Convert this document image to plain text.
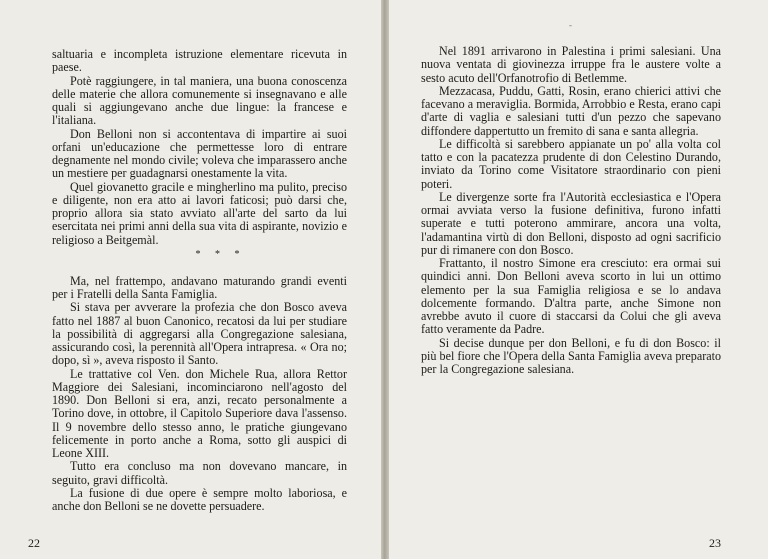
saltuaria e incompleta istruzione elementare ricevuta in paese.

Potè raggiungere, in tal maniera, una buona conoscenza delle materie che allora comunemente si insegnavano e alle quali si aggiungevano anche due lingue: la francese e l'italiana.

Don Belloni non si accontentava di impartire ai suoi orfani un'educazione che permettesse loro di entrare degnamente nel mondo civile; voleva che imparassero anche un mestiere per guadagnarsi onestamente la vita.

Quel giovanetto gracile e mingherlino ma pulito, preciso e diligente, non era atto ai lavori faticosi; può darsi che, proprio allora sia stato avviato all'arte del sarto da lui esercitata nei primi anni della sua vita di aspirante, novizio e religioso a Beitgemàl.

* * *

Ma, nel frattempo, andavano maturando grandi eventi per i Fratelli della Santa Famiglia.

Si stava per avverare la profezia che don Bosco aveva fatto nel 1887 al buon Canonico, recatosi da lui per studiare la possibilità di aggregarsi alla Congregazione salesiana, assicurando così, la perennità all'Opera intrapresa. « Ora no; dopo, sì », aveva risposto il Santo.

Le trattative col Ven. don Michele Rua, allora Rettor Maggiore dei Salesiani, incominciarono nell'agosto del 1890. Don Belloni si era, anzi, recato personalmente a Torino dove, in ottobre, il Capitolo Superiore dava l'assenso. Il 9 novembre dello stesso anno, le pratiche giungevano felicemente in porto anche a Roma, sotto gli auspici di Leone XIII.

Tutto era concluso ma non dovevano mancare, in seguito, gravi difficoltà.

La fusione di due opere è sempre molto laboriosa, e anche don Belloni se ne dovette persuadere.

22
-

Nel 1891 arrivarono in Palestina i primi salesiani. Una nuova ventata di giovinezza irruppe fra le austere volte a sesto acuto dell'Orfanotrofio di Betlemme.

Mezzacasa, Puddu, Gatti, Rosin, erano chierici attivi che facevano a meraviglia. Bormida, Arrobbio e Resta, erano capi d'arte di vaglia e salesiani tutti d'un pezzo che sapevano diffondere dappertutto un fremito di sana e santa allegria.

Le difficoltà si sarebbero appianate un po' alla volta col tatto e con la pacatezza prudente di don Celestino Durando, inviato da Torino come Visitatore straordinario con pieni poteri.

Le divergenze sorte fra l'Autorità ecclesiastica e l'Opera ormai avviata verso la fusione definitiva, furono infatti superate e tutti poterono ammirare, ancora una volta, l'adamantina virtù di don Belloni, disposto ad ogni sacrificio pur di rimanere con don Bosco.

Frattanto, il nostro Simone era cresciuto: era ormai sui quindici anni. Don Belloni aveva scorto in lui un ottimo elemento per la sua Famiglia religiosa e se lo andava dolcemente formando. D'altra parte, anche Simone non avrebbe avuto il cuore di staccarsi da Colui che gli aveva fatto veramente da Padre.

Si decise dunque per don Belloni, e fu di don Bosco: il più bel fiore che l'Opera della Santa Famiglia aveva preparato per la Congregazione salesiana.

23
